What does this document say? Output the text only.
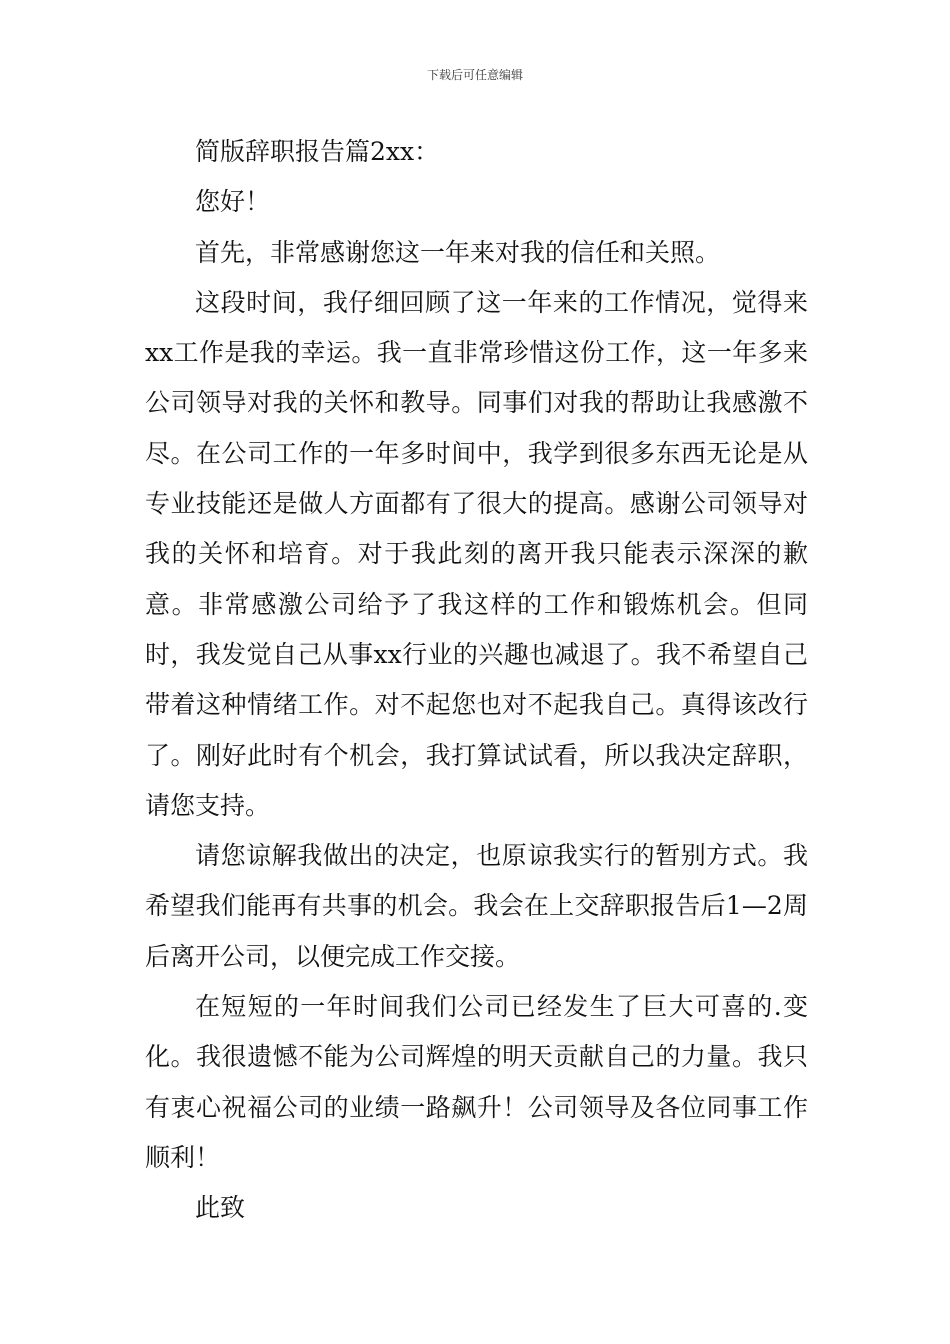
下载后可任意编辑

简版辞职报告篇2xx：

您好！

首先，非常感谢您这一年来对我的信任和关照。

这段时间，我仔细回顾了这一年来的工作情况，觉得来xx工作是我的幸运。我一直非常珍惜这份工作，这一年多来公司领导对我的关怀和教导。同事们对我的帮助让我感激不尽。在公司工作的一年多时间中，我学到很多东西无论是从专业技能还是做人方面都有了很大的提高。感谢公司领导对我的关怀和培育。对于我此刻的离开我只能表示深深的歉意。非常感激公司给予了我这样的工作和锻炼机会。但同时，我发觉自己从事xx行业的兴趣也减退了。我不希望自己带着这种情绪工作。对不起您也对不起我自己。真得该改行了。刚好此时有个机会，我打算试试看，所以我决定辞职，请您支持。

请您谅解我做出的决定，也原谅我实行的暂别方式。我希望我们能再有共事的机会。我会在上交辞职报告后1—2周后离开公司，以便完成工作交接。

在短短的一年时间我们公司已经发生了巨大可喜的.变化。我很遗憾不能为公司辉煌的明天贡献自己的力量。我只有衷心祝福公司的业绩一路飙升！公司领导及各位同事工作顺利！

此致
